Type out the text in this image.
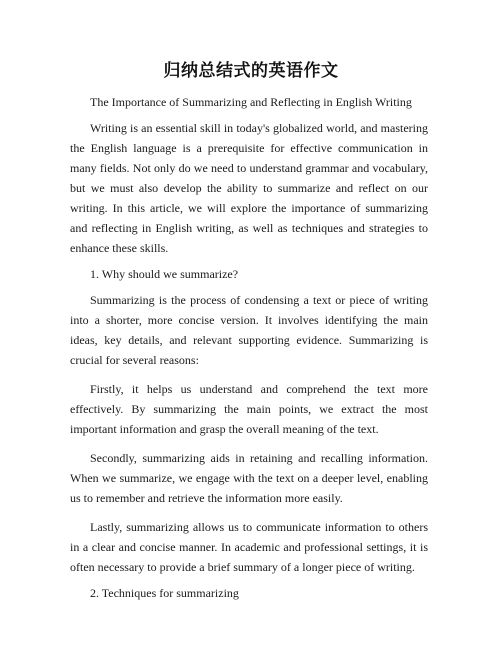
归纳总结式的英语作文

The Importance of Summarizing and Reflecting in English Writing

Writing is an essential skill in today's globalized world, and mastering the English language is a prerequisite for effective communication in many fields. Not only do we need to understand grammar and vocabulary, but we must also develop the ability to summarize and reflect on our writing. In this article, we will explore the importance of summarizing and reflecting in English writing, as well as techniques and strategies to enhance these skills.

1. Why should we summarize?

Summarizing is the process of condensing a text or piece of writing into a shorter, more concise version. It involves identifying the main ideas, key details, and relevant supporting evidence. Summarizing is crucial for several reasons:

Firstly, it helps us understand and comprehend the text more effectively. By summarizing the main points, we extract the most important information and grasp the overall meaning of the text.

Secondly, summarizing aids in retaining and recalling information. When we summarize, we engage with the text on a deeper level, enabling us to remember and retrieve the information more easily.

Lastly, summarizing allows us to communicate information to others in a clear and concise manner. In academic and professional settings, it is often necessary to provide a brief summary of a longer piece of writing.

2. Techniques for summarizing
